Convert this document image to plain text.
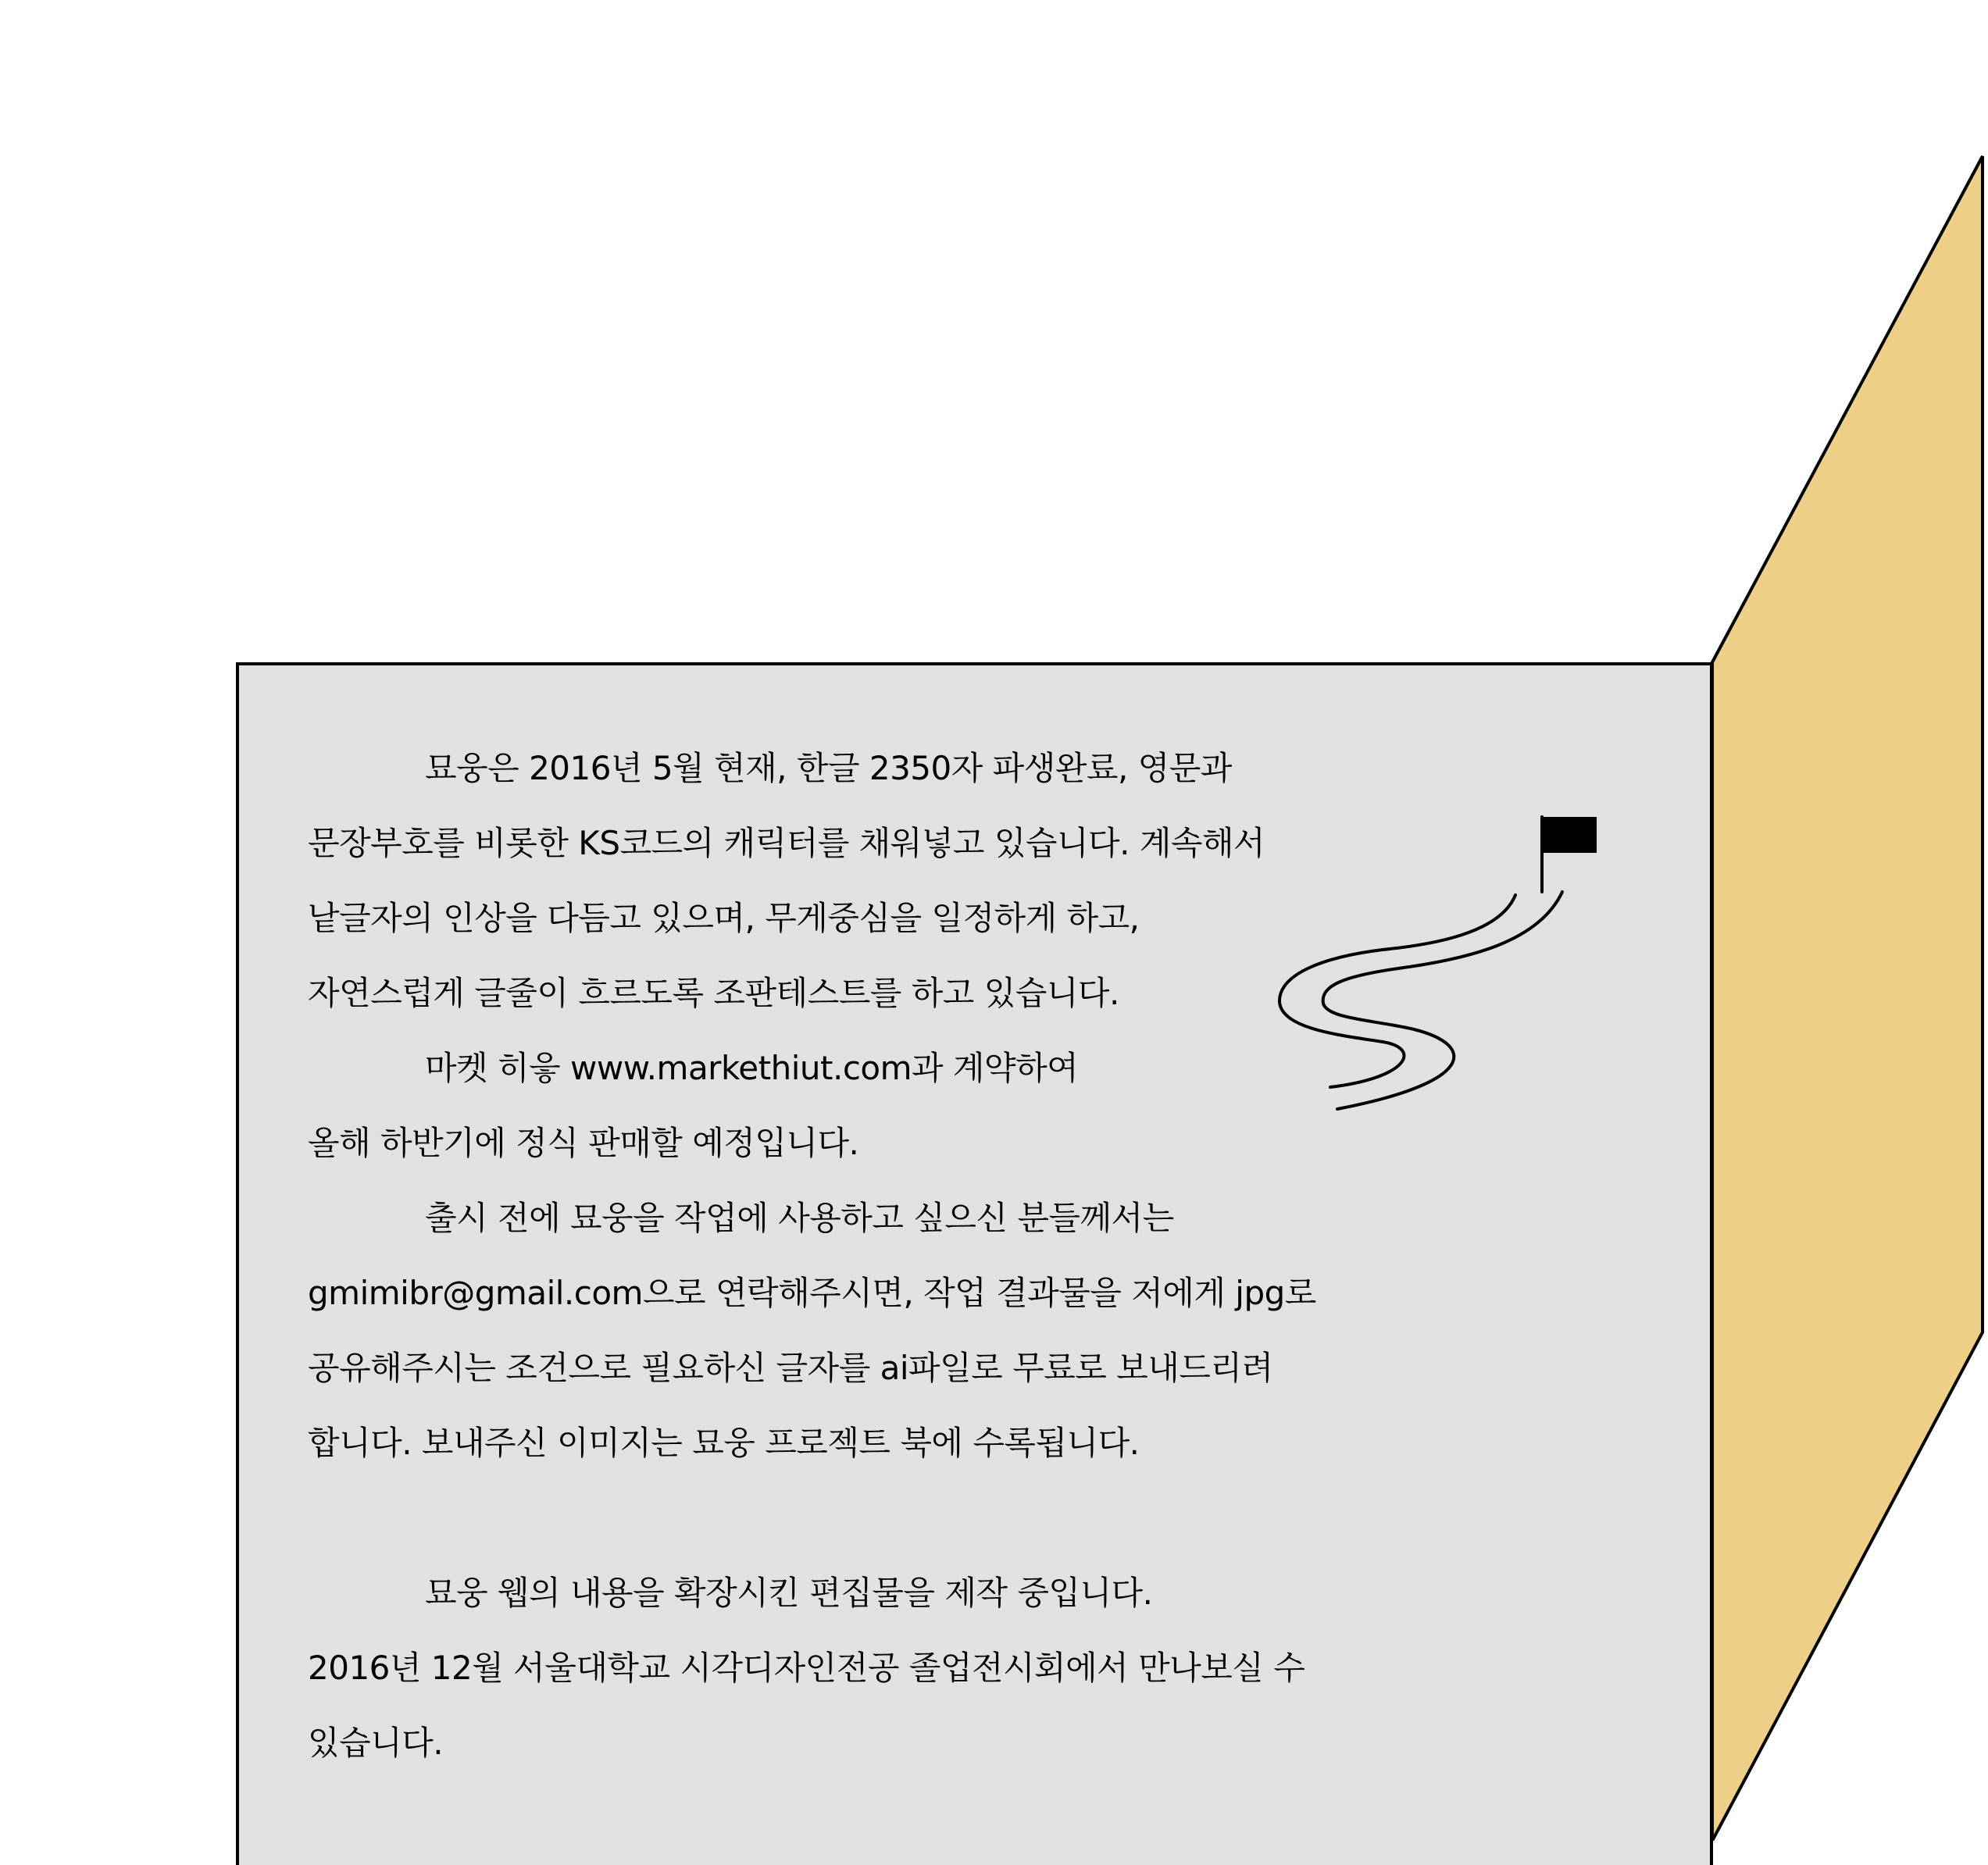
묘웅은 2016년 5월 현재, 한글 2350자 파생완료, 영문과
문장부호를 비롯한 KS코드의 캐릭터를 채워넣고 있습니다. 계속해서
낱글자의 인상을 다듬고 있으며, 무게중심을 일정하게 하고,
자연스럽게 글줄이 흐르도록 조판테스트를 하고 있습니다.
마켓 히읗 www.markethiut.com과 계약하여
올해 하반기에 정식 판매할 예정입니다.
출시 전에 묘웅을 작업에 사용하고 싶으신 분들께서는
gmimibr@gmail.com으로 연락해주시면, 작업 결과물을 저에게 jpg로
공유해주시는 조건으로 필요하신 글자를 ai파일로 무료로 보내드리려
합니다. 보내주신 이미지는 묘웅 프로젝트 북에 수록됩니다.
묘웅 웹의 내용을 확장시킨 편집물을 제작 중입니다.
2016년 12월 서울대학교 시각디자인전공 졸업전시회에서 만나보실 수
있습니다.
